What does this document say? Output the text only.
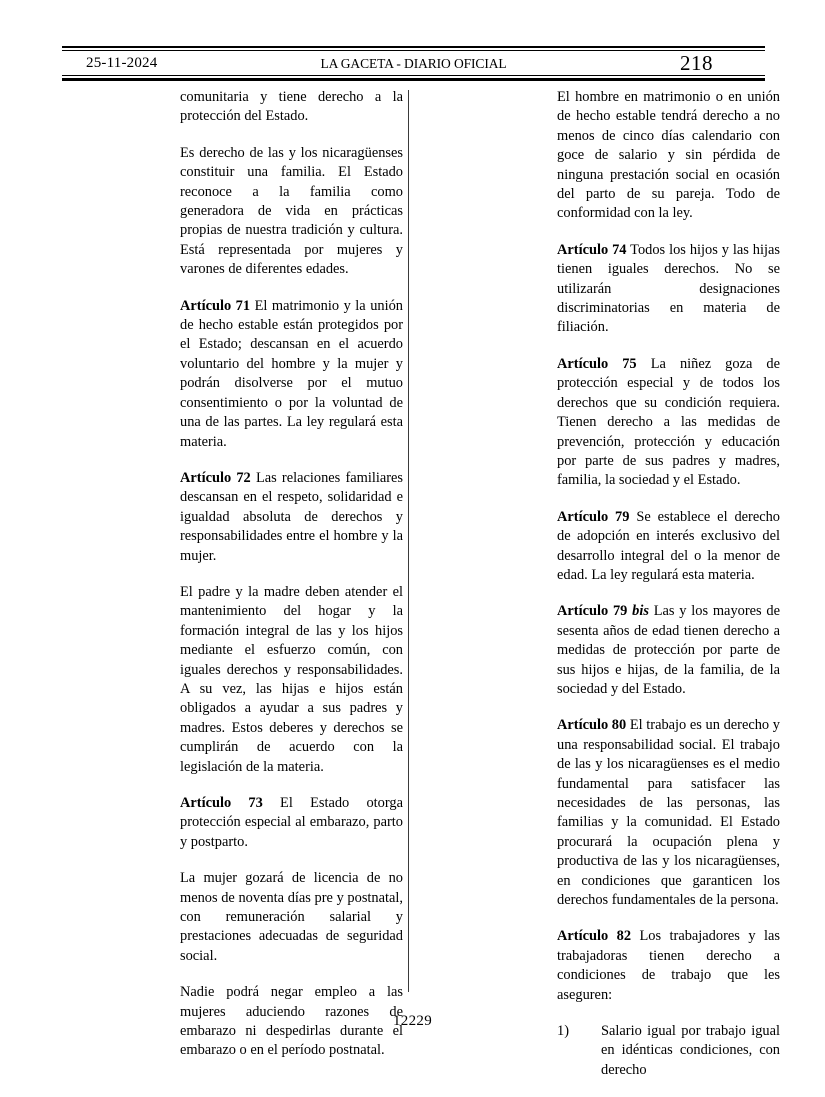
25-11-2024	LA GACETA - DIARIO OFICIAL	218

comunitaria y tiene derecho a la protección del Estado.

Es derecho de las y los nicaragüenses constituir una familia. El Estado reconoce a la familia como generadora de vida en prácticas propias de nuestra tradición y cultura. Está representada por mujeres y varones de diferentes edades.

Artículo 71 El matrimonio y la unión de hecho estable están protegidos por el Estado; descansan en el acuerdo voluntario del hombre y la mujer y podrán disolverse por el mutuo consentimiento o por la voluntad de una de las partes. La ley regulará esta materia.

Artículo 72 Las relaciones familiares descansan en el respeto, solidaridad e igualdad absoluta de derechos y responsabilidades entre el hombre y la mujer.

El padre y la madre deben atender el mantenimiento del hogar y la formación integral de las y los hijos mediante el esfuerzo común, con iguales derechos y responsabilidades. A su vez, las hijas e hijos están obligados a ayudar a sus padres y madres. Estos deberes y derechos se cumplirán de acuerdo con la legislación de la materia.

Artículo 73 El Estado otorga protección especial al embarazo, parto y postparto.

La mujer gozará de licencia de no menos de noventa días pre y postnatal, con remuneración salarial y prestaciones adecuadas de seguridad social.

Nadie podrá negar empleo a las mujeres aduciendo razones de embarazo ni despedirlas durante el embarazo o en el período postnatal.

El hombre en matrimonio o en unión de hecho estable tendrá derecho a no menos de cinco días calendario con goce de salario y sin pérdida de ninguna prestación social en ocasión del parto de su pareja. Todo de conformidad con la ley.

Artículo 74 Todos los hijos y las hijas tienen iguales derechos. No se utilizarán designaciones discriminatorias en materia de filiación.

Artículo 75 La niñez goza de protección especial y de todos los derechos que su condición requiera. Tienen derecho a las medidas de prevención, protección y educación por parte de sus padres y madres, familia, la sociedad y el Estado.

Artículo 79 Se establece el derecho de adopción en interés exclusivo del desarrollo integral del o la menor de edad. La ley regulará esta materia.

Artículo 79 bis Las y los mayores de sesenta años de edad tienen derecho a medidas de protección por parte de sus hijos e hijas, de la familia, de la sociedad y del Estado.

Artículo 80 El trabajo es un derecho y una responsabilidad social. El trabajo de las y los nicaragüenses es el medio fundamental para satisfacer las necesidades de las personas, las familias y la comunidad. El Estado procurará la ocupación plena y productiva de las y los nicaragüenses, en condiciones que garanticen los derechos fundamentales de la persona.

Artículo 82 Los trabajadores y las trabajadoras tienen derecho a condiciones de trabajo que les aseguren:

1)	Salario igual por trabajo igual en idénticas condiciones, con derecho
12229
